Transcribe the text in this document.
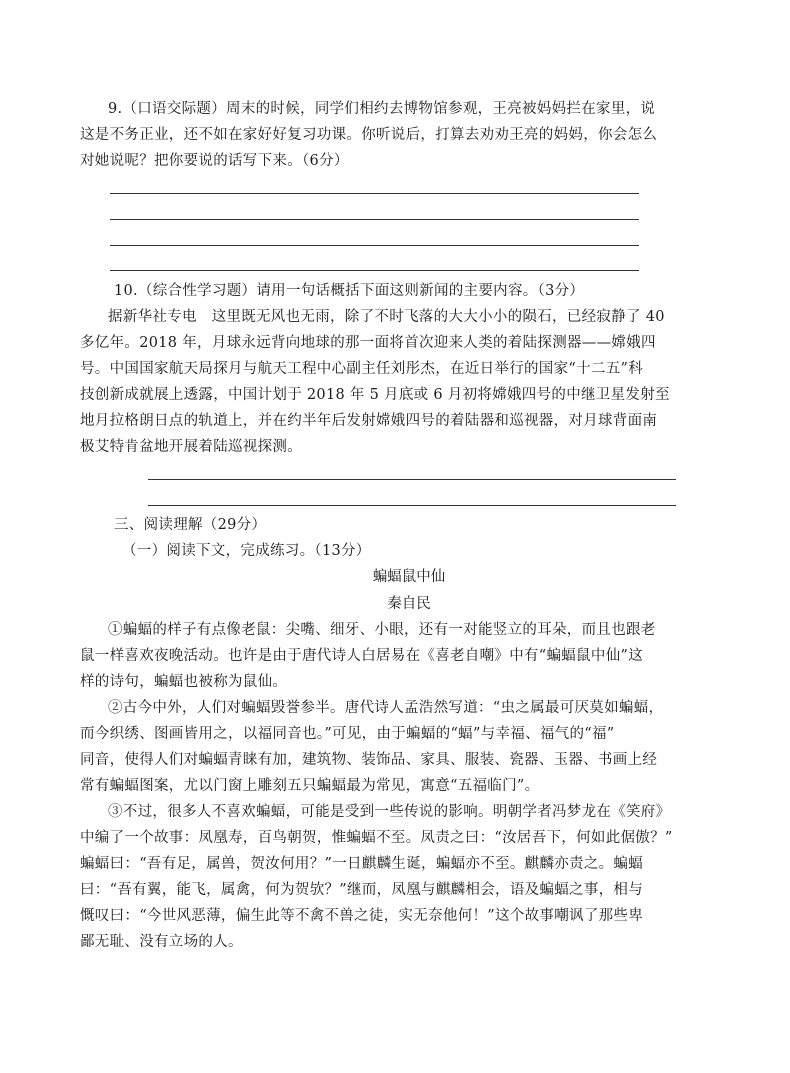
9.（口语交际题）周末的时候，同学们相约去博物馆参观，王亮被妈妈拦在家里，说
这是不务正业，还不如在家好好复习功课。你听说后，打算去劝劝王亮的妈妈，你会怎么
对她说呢？把你要说的话写下来。（6分）
10.（综合性学习题）请用一句话概括下面这则新闻的主要内容。（3分）
据新华社专电　这里既无风也无雨，除了不时飞落的大大小小的陨石，已经寂静了 40
多亿年。2018 年，月球永远背向地球的那一面将首次迎来人类的着陆探测器——嫦娥四
号。中国国家航天局探月与航天工程中心副主任刘彤杰，在近日举行的国家“十二五”科
技创新成就展上透露，中国计划于 2018 年 5 月底或 6 月初将嫦娥四号的中继卫星发射至
地月拉格朗日点的轨道上，并在约半年后发射嫦娥四号的着陆器和巡视器，对月球背面南
极艾特肯盆地开展着陆巡视探测。
三、阅读理解（29分）
（一）阅读下文，完成练习。（13分）
蝙蝠鼠中仙
秦自民
①蝙蝠的样子有点像老鼠：尖嘴、细牙、小眼，还有一对能竖立的耳朵，而且也跟老
鼠一样喜欢夜晚活动。也许是由于唐代诗人白居易在《喜老自嘲》中有“蝙蝠鼠中仙”这
样的诗句，蝙蝠也被称为鼠仙。
②古今中外，人们对蝙蝠毁誉参半。唐代诗人孟浩然写道：“虫之属最可厌莫如蝙蝠，
而今织绣、图画皆用之，以福同音也。”可见，由于蝙蝠的“蝠”与幸福、福气的“福”
同音，使得人们对蝙蝠青睐有加，建筑物、装饰品、家具、服装、瓷器、玉器、书画上经
常有蝙蝠图案，尤以门窗上雕刻五只蝙蝠最为常见，寓意“五福临门”。
③不过，很多人不喜欢蝙蝠，可能是受到一些传说的影响。明朝学者冯梦龙在《笑府》
中编了一个故事：凤凰寿，百鸟朝贺，惟蝙蝠不至。凤责之曰：“汝居吾下，何如此倨傲？”
蝙蝠曰：“吾有足，属兽，贺汝何用？”一日麒麟生诞，蝙蝠亦不至。麒麟亦责之。蝙蝠
曰：“吾有翼，能飞，属禽，何为贺欤？”继而，凤凰与麒麟相会，语及蝙蝠之事，相与
慨叹曰：“今世风恶薄，偏生此等不禽不兽之徒，实无奈他何！”这个故事嘲讽了那些卑
鄙无耻、没有立场的人。
